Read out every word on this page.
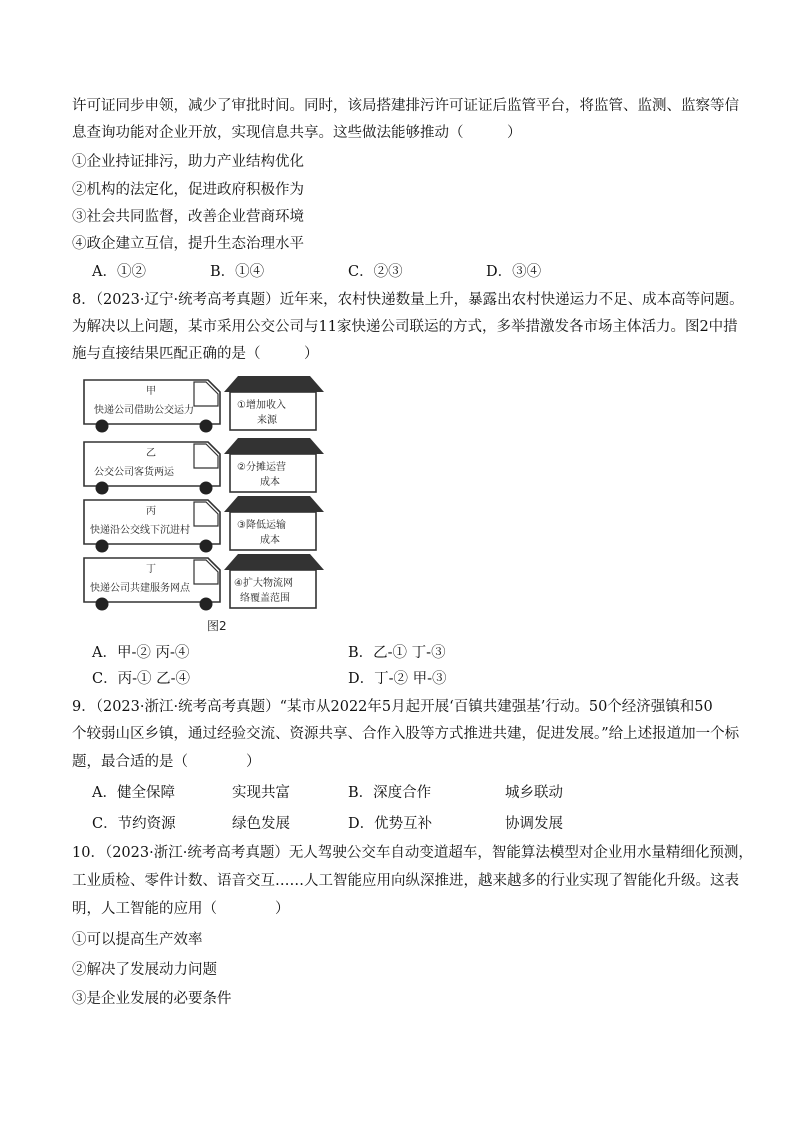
许可证同步申领，减少了审批时间。同时，该局搭建排污许可证证后监管平台，将监管、监测、监察等信
息查询功能对企业开放，实现信息共享。这些做法能够推动（　　　）
①企业持证排污，助力产业结构优化
②机构的法定化，促进政府积极作为
③社会共同监督，改善企业营商环境
④政企建立互信，提升生态治理水平
A．①②	B．①④	C．②③	D．③④
8．（2023·辽宁·统考高考真题）近年来，农村快递数量上升，暴露出农村快递运力不足、成本高等问题。
为解决以上问题，某市采用公交公司与11家快递公司联运的方式，多举措激发各市场主体活力。图2中措
施与直接结果匹配正确的是（　　　）
甲
快递公司借助公交运力
乙
公交公司客货两运
丙
快递沿公交线下沉进村
丁
快递公司共建服务网点
①增加收入
来源
②分摊运营
成本
③降低运输
成本
④扩大物流网
络覆盖范围
图2
A．甲-② 丙-④	B．乙-① 丁-③
C．丙-① 乙-④	D．丁-② 甲-③
9．（2023·浙江·统考高考真题）“某市从2022年5月起开展‘百镇共建强基’行动。50个经济强镇和50
个较弱山区乡镇，通过经验交流、资源共享、合作入股等方式推进共建，促进发展。”给上述报道加一个标
题，最合适的是（　　　　）
A．健全保障	实现共富	B．深度合作	城乡联动
C．节约资源	绿色发展	D．优势互补	协调发展
10．（2023·浙江·统考高考真题）无人驾驶公交车自动变道超车，智能算法模型对企业用水量精细化预测，
工业质检、零件计数、语音交互……人工智能应用向纵深推进，越来越多的行业实现了智能化升级。这表
明，人工智能的应用（　　　　）
①可以提高生产效率
②解决了发展动力问题
③是企业发展的必要条件
